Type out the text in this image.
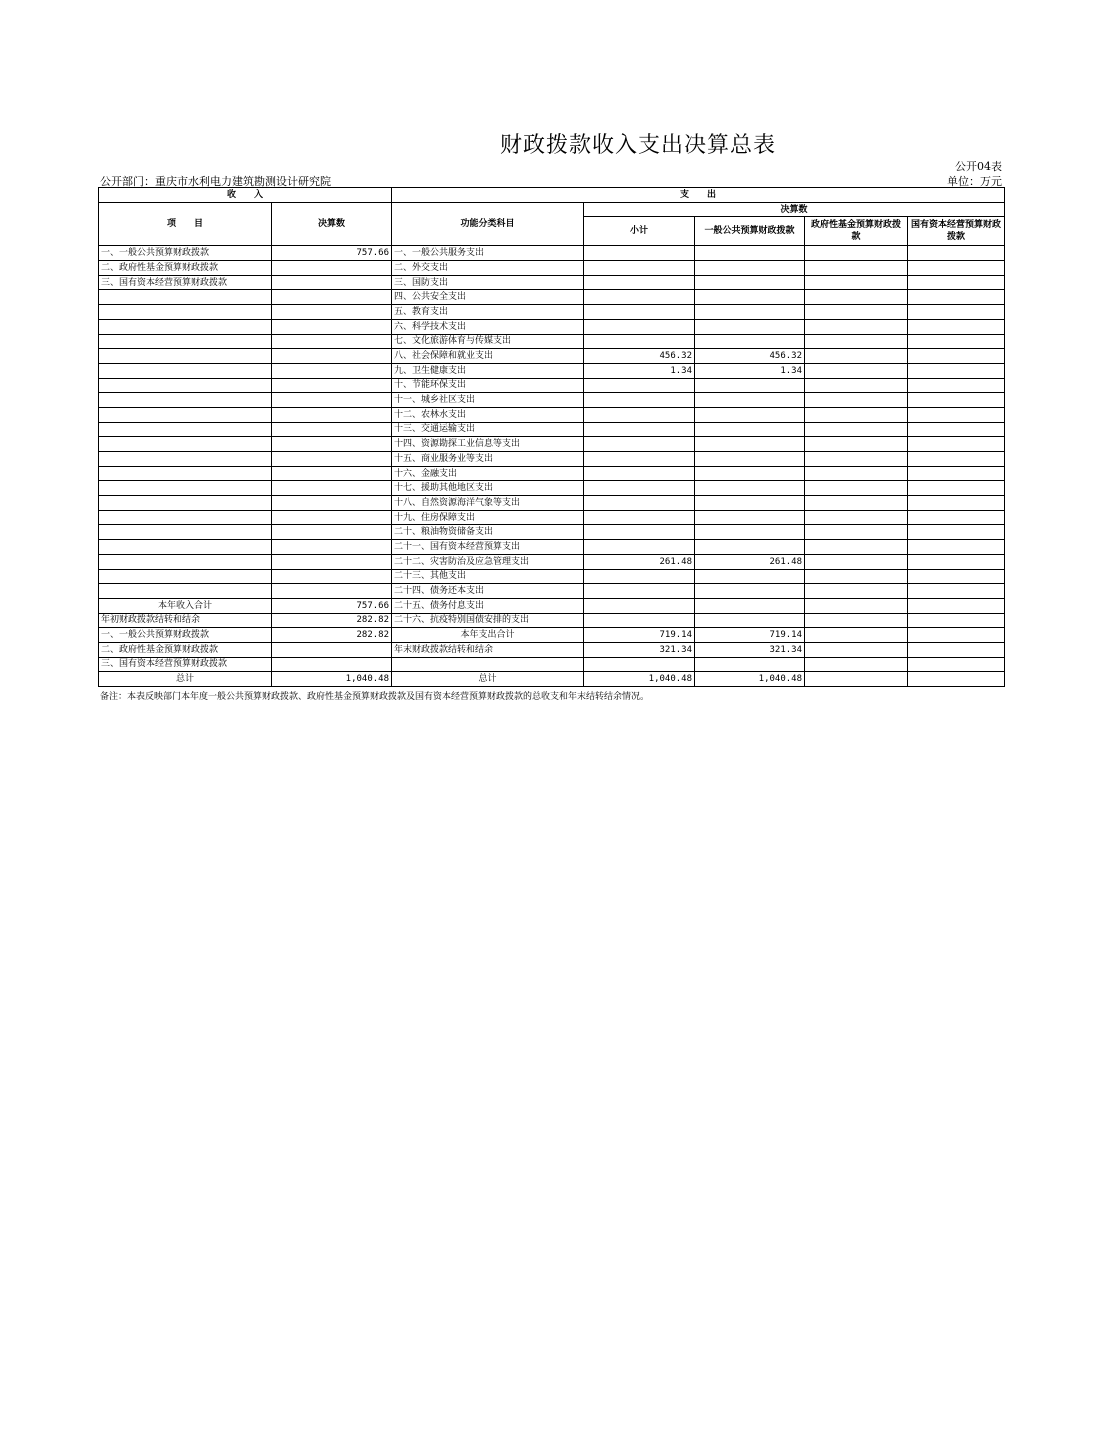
财政拨款收入支出决算总表
公开04表
公开部门：重庆市水利电力建筑勘测设计研究院	单位：万元
收　　入		支　　出				
项　　目	决算数	功能分类科目	决算数			
			小计	一般公共预算财政拨款	政府性基金预算财政拨款	国有资本经营预算财政拨款
一、一般公共预算财政拨款	757.66	一、一般公共服务支出				
二、政府性基金预算财政拨款		二、外交支出				
三、国有资本经营预算财政拨款		三、国防支出				
		四、公共安全支出				
		五、教育支出				
		六、科学技术支出				
		七、文化旅游体育与传媒支出				
		八、社会保障和就业支出	456.32	456.32		
		九、卫生健康支出	1.34	1.34		
		十、节能环保支出				
		十一、城乡社区支出				
		十二、农林水支出				
		十三、交通运输支出				
		十四、资源勘探工业信息等支出				
		十五、商业服务业等支出				
		十六、金融支出				
		十七、援助其他地区支出				
		十八、自然资源海洋气象等支出				
		十九、住房保障支出				
		二十、粮油物资储备支出				
		二十一、国有资本经营预算支出				
		二十二、灾害防治及应急管理支出	261.48	261.48		
		二十三、其他支出				
		二十四、债务还本支出				
本年收入合计	757.66	二十五、债务付息支出				
年初财政拨款结转和结余	282.82	二十六、抗疫特别国债安排的支出				
一、一般公共预算财政拨款	282.82	本年支出合计	719.14	719.14		
二、政府性基金预算财政拨款		年末财政拨款结转和结余	321.34	321.34		
三、国有资本经营预算财政拨款						
总计	1,040.48	总计	1,040.48	1,040.48		
备注：本表反映部门本年度一般公共预算财政拨款、政府性基金预算财政拨款及国有资本经营预算财政拨款的总收支和年末结转结余情况。
